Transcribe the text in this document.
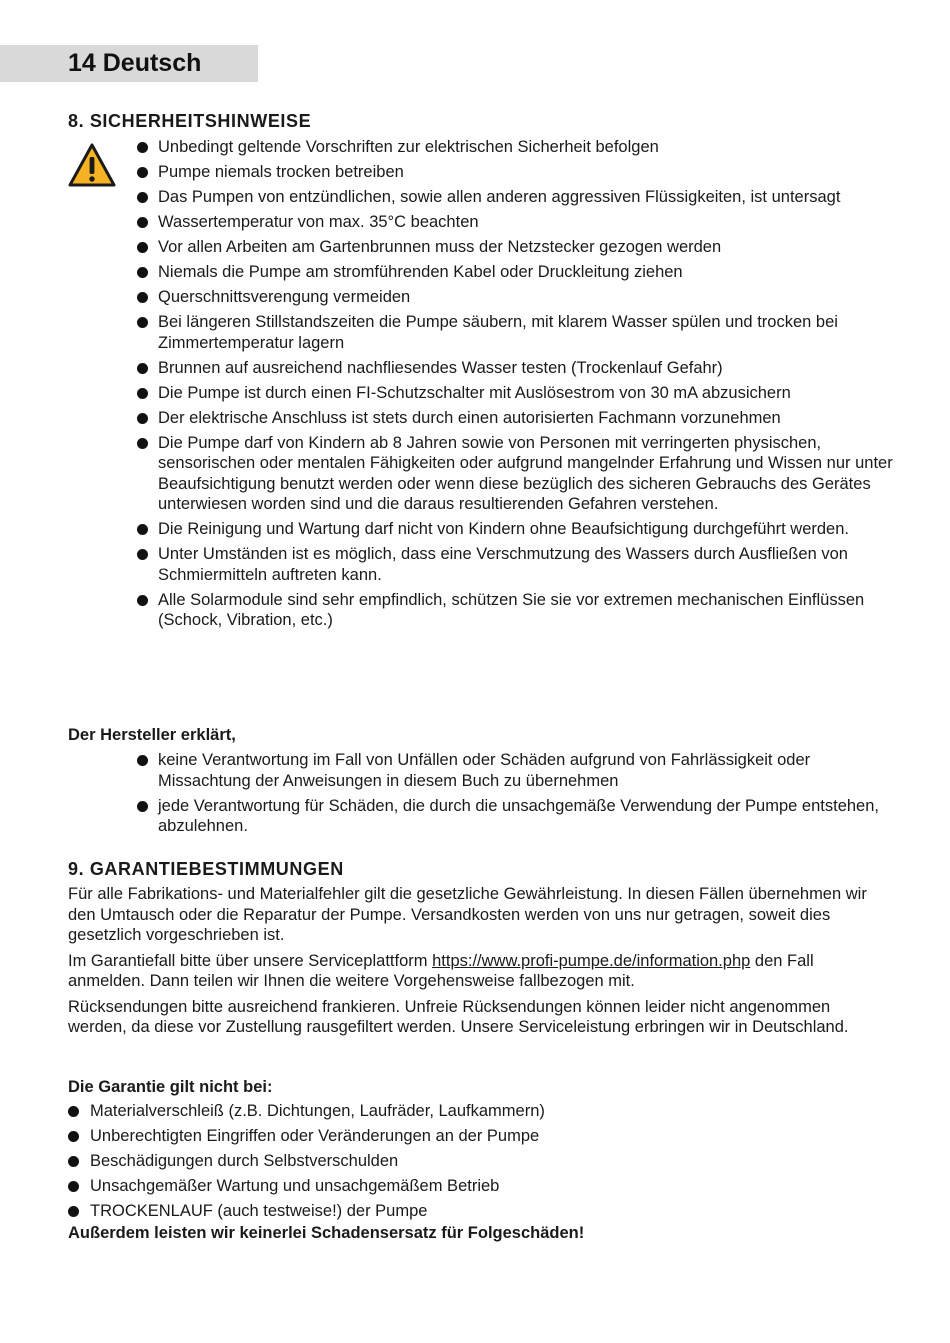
14 Deutsch
8. SICHERHEITSHINWEISE
Unbedingt geltende Vorschriften zur elektrischen Sicherheit befolgen
Pumpe niemals trocken betreiben
Das Pumpen von entzündlichen, sowie allen anderen aggressiven Flüssigkeiten, ist untersagt
Wassertemperatur von max. 35°C beachten
Vor allen Arbeiten am Gartenbrunnen muss der Netzstecker gezogen werden
Niemals die Pumpe am stromführenden Kabel oder Druckleitung ziehen
Querschnittsverengung vermeiden
Bei längeren Stillstandszeiten die Pumpe säubern, mit klarem Wasser spülen und trocken bei Zimmertemperatur lagern
Brunnen auf ausreichend nachfliesendes Wasser testen (Trockenlauf Gefahr)
Die Pumpe ist durch einen FI-Schutzschalter mit Auslösestrom von 30 mA abzusichern
Der elektrische Anschluss ist stets durch einen autorisierten Fachmann vorzunehmen
Die Pumpe darf von Kindern ab 8 Jahren sowie von Personen mit verringerten physischen, sensorischen oder mentalen Fähigkeiten oder aufgrund mangelnder Erfahrung und Wissen nur unter Beaufsichtigung benutzt werden oder wenn diese bezüglich des sicheren Gebrauchs des Gerätes unterwiesen worden sind und die daraus resultierenden Gefahren verstehen.
Die Reinigung und Wartung darf nicht von Kindern ohne Beaufsichtigung durchgeführt werden.
Unter Umständen ist es möglich, dass eine Verschmutzung des Wassers durch Ausfließen von Schmiermitteln auftreten kann.
Alle Solarmodule sind sehr empfindlich, schützen Sie sie vor extremen mechanischen Einflüssen (Schock, Vibration, etc.)
Der Hersteller erklärt,
keine Verantwortung im Fall von Unfällen oder Schäden aufgrund von Fahrlässigkeit oder Missachtung der Anweisungen in diesem Buch zu übernehmen
jede Verantwortung für Schäden, die durch die unsachgemäße Verwendung der Pumpe entstehen, abzulehnen.
9. GARANTIEBESTIMMUNGEN

Für alle Fabrikations- und Materialfehler gilt die gesetzliche Gewährleistung. In diesen Fällen übernehmen wir den Umtausch oder die Reparatur der Pumpe. Versandkosten werden von uns nur getragen, soweit dies gesetzlich vorgeschrieben ist.

Im Garantiefall bitte über unsere Serviceplattform https://www.profi-pumpe.de/information.php den Fall anmelden. Dann teilen wir Ihnen die weitere Vorgehensweise fallbezogen mit.

Rücksendungen bitte ausreichend frankieren. Unfreie Rücksendungen können leider nicht angenommen werden, da diese vor Zustellung rausgefiltert werden. Unsere Serviceleistung erbringen wir in Deutschland.

Die Garantie gilt nicht bei:
Materialverschleiß (z.B. Dichtungen, Laufräder, Laufkammern)
Unberechtigten Eingriffen oder Veränderungen an der Pumpe
Beschädigungen durch Selbstverschulden
Unsachgemäßer Wartung und unsachgemäßem Betrieb
TROCKENLAUF (auch testweise!) der Pumpe
Außerdem leisten wir keinerlei Schadensersatz für Folgeschäden!
